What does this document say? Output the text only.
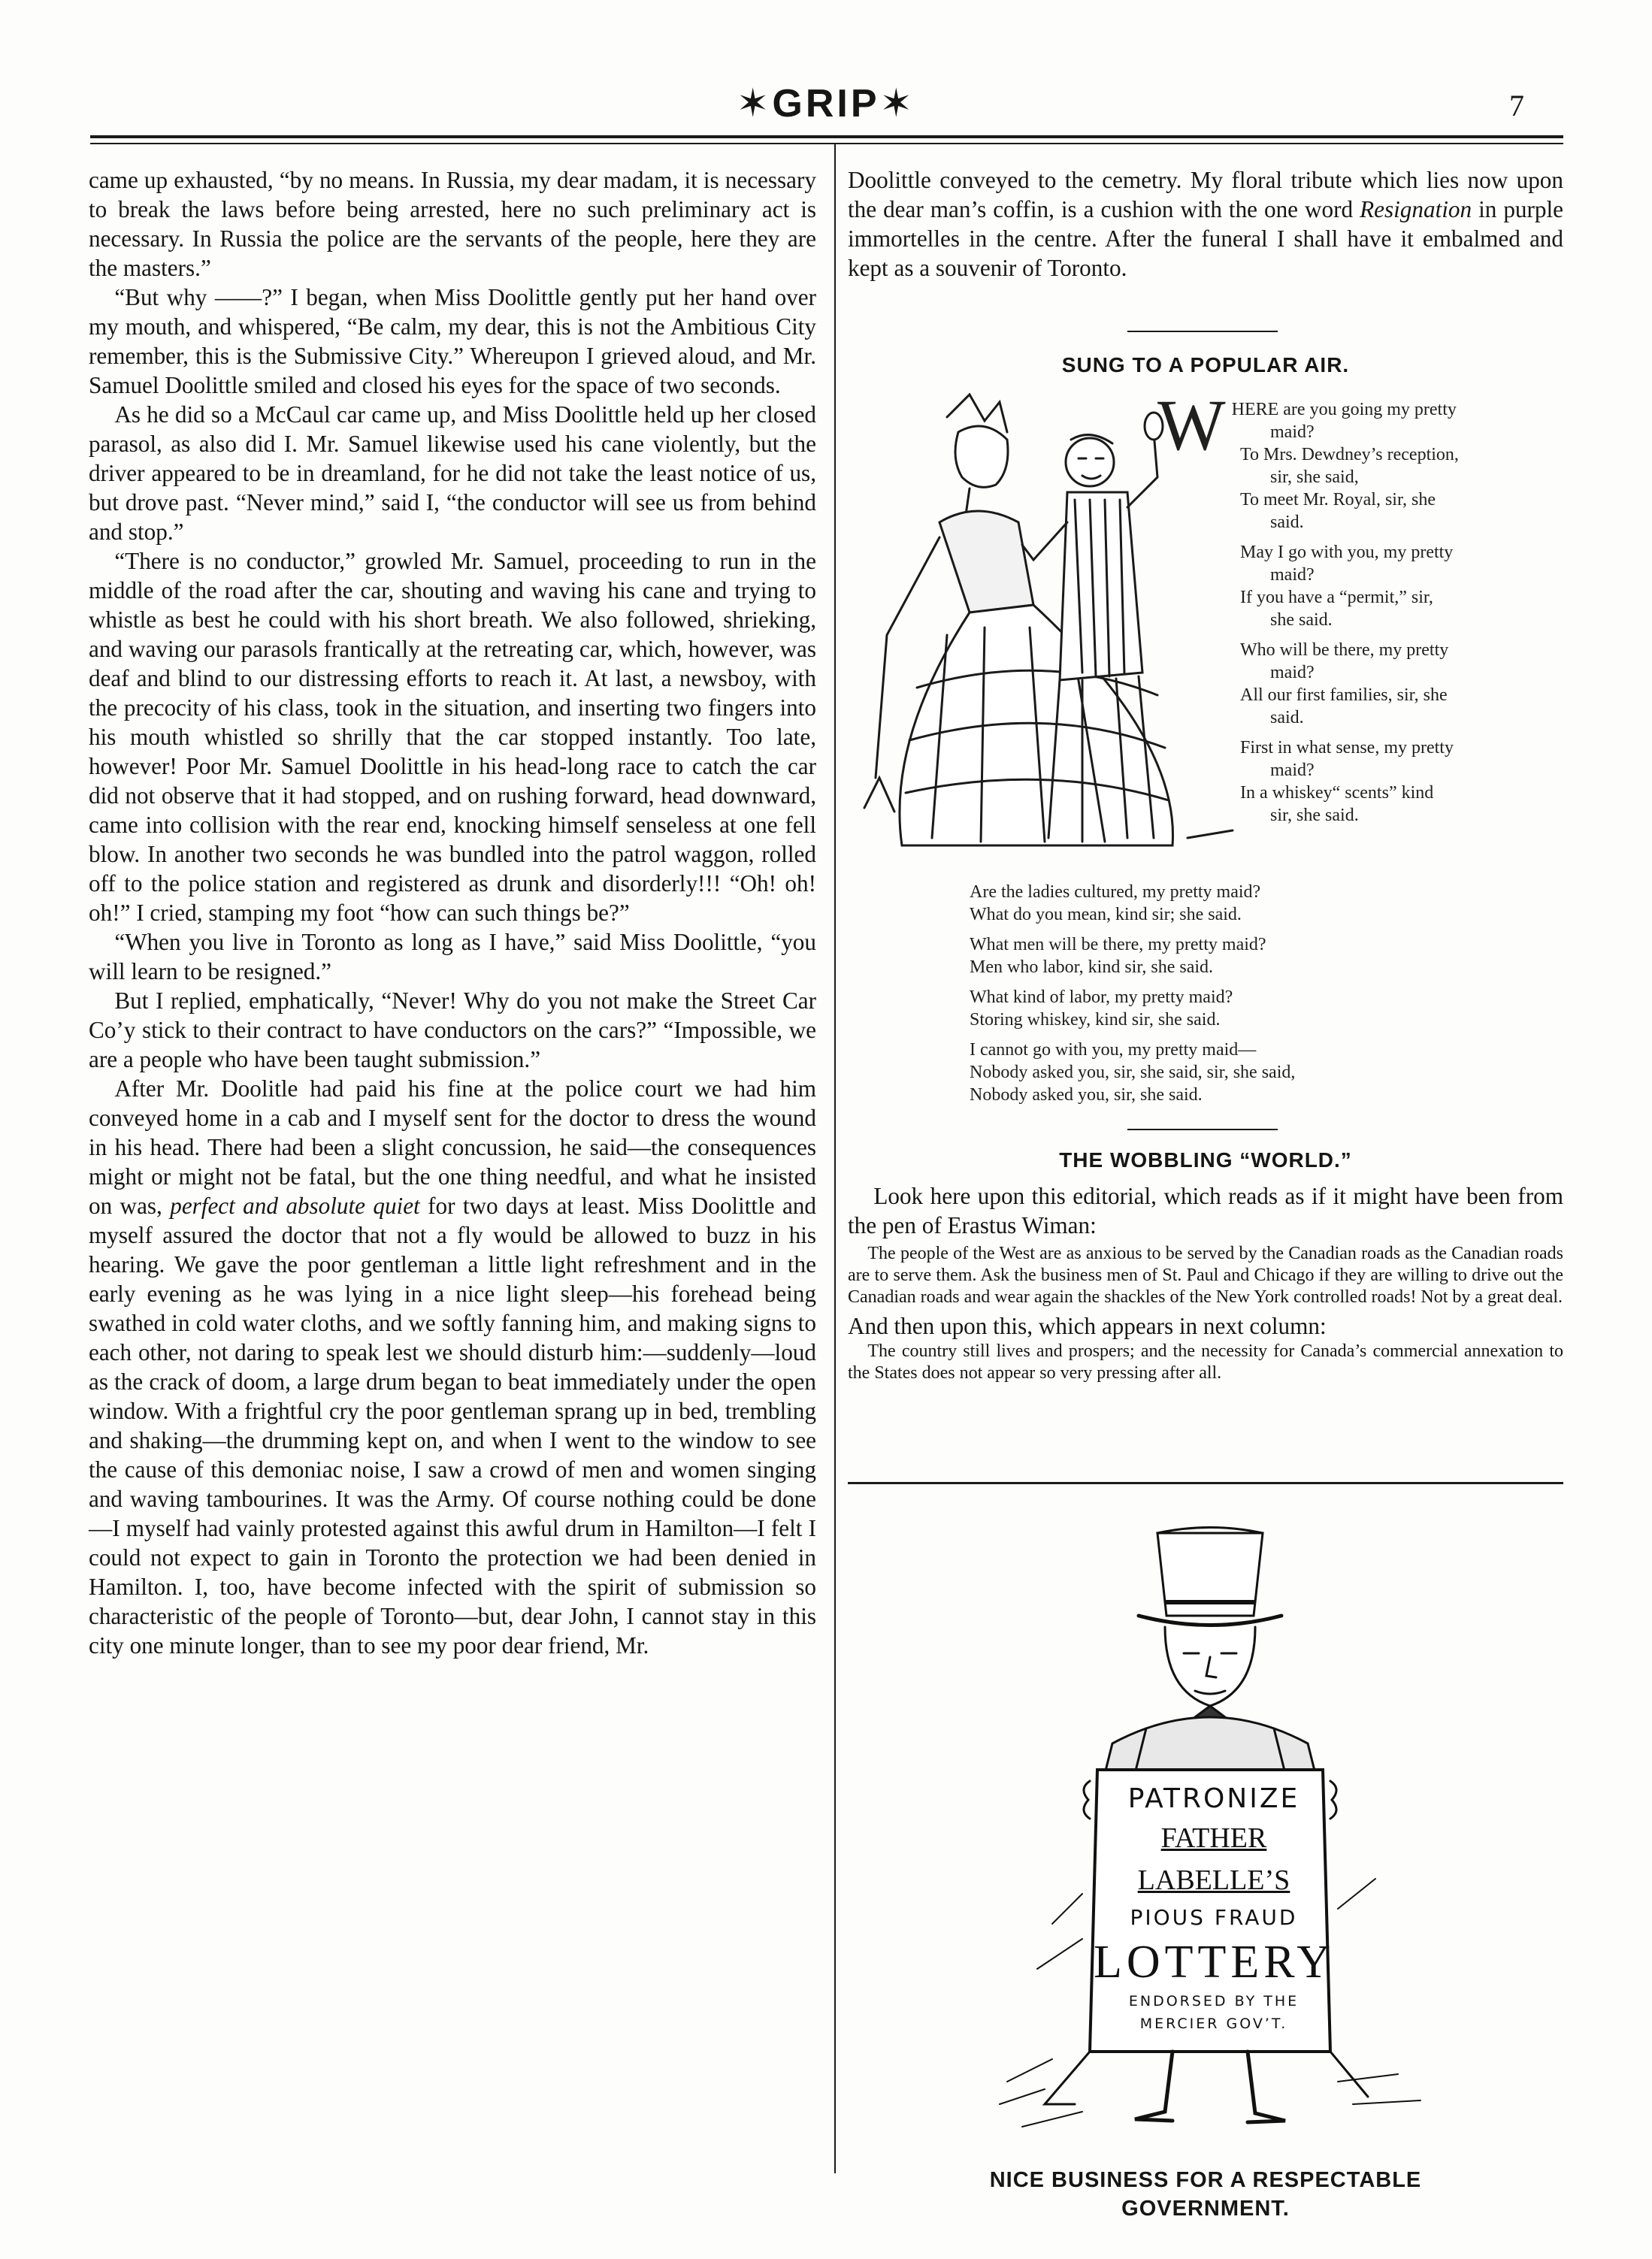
✶GRIP✶	7

came up exhausted, “by no means. In Russia, my dear madam, it is necessary to break the laws before being arrested, here no such preliminary act is necessary. In Russia the police are the servants of the people, here they are the masters.”

“But why ——?” I began, when Miss Doolittle gently put her hand over my mouth, and whispered, “Be calm, my dear, this is not the Ambitious City remember, this is the Submissive City.” Whereupon I grieved aloud, and Mr. Samuel Doolittle smiled and closed his eyes for the space of two seconds.

As he did so a McCaul car came up, and Miss Doolittle held up her closed parasol, as also did I. Mr. Samuel likewise used his cane violently, but the driver appeared to be in dreamland, for he did not take the least notice of us, but drove past. “Never mind,” said I, “the conductor will see us from behind and stop.”

“There is no conductor,” growled Mr. Samuel, proceeding to run in the middle of the road after the car, shouting and waving his cane and trying to whistle as best he could with his short breath. We also followed, shrieking, and waving our parasols frantically at the retreating car, which, however, was deaf and blind to our distressing efforts to reach it. At last, a newsboy, with the precocity of his class, took in the situation, and inserting two fingers into his mouth whistled so shrilly that the car stopped instantly. Too late, however! Poor Mr. Samuel Doolittle in his head-long race to catch the car did not observe that it had stopped, and on rushing forward, head downward, came into collision with the rear end, knocking himself senseless at one fell blow. In another two seconds he was bundled into the patrol waggon, rolled off to the police station and registered as drunk and disorderly!!! “Oh! oh! oh!” I cried, stamping my foot “how can such things be?”

“When you live in Toronto as long as I have,” said Miss Doolittle, “you will learn to be resigned.”

But I replied, emphatically, “Never! Why do you not make the Street Car Co’y stick to their contract to have conductors on the cars?” “Impossible, we are a people who have been taught submission.”

After Mr. Doolitle had paid his fine at the police court we had him conveyed home in a cab and I myself sent for the doctor to dress the wound in his head. There had been a slight concussion, he said—the consequences might or might not be fatal, but the one thing needful, and what he insisted on was, perfect and absolute quiet for two days at least. Miss Doolittle and myself assured the doctor that not a fly would be allowed to buzz in his hearing. We gave the poor gentleman a little light refreshment and in the early evening as he was lying in a nice light sleep—his forehead being swathed in cold water cloths, and we softly fanning him, and making signs to each other, not daring to speak lest we should disturb him:—suddenly—loud as the crack of doom, a large drum began to beat immediately under the open window. With a frightful cry the poor gentleman sprang up in bed, trembling and shaking—the drumming kept on, and when I went to the window to see the cause of this demoniac noise, I saw a crowd of men and women singing and waving tambourines. It was the Army. Of course nothing could be done—I myself had vainly protested against this awful drum in Hamilton—I felt I could not expect to gain in Toronto the protection we had been denied in Hamilton. I, too, have become infected with the spirit of submission so characteristic of the people of Toronto—but, dear John, I cannot stay in this city one minute longer, than to see my poor dear friend, Mr.

Doolittle conveyed to the cemetry. My floral tribute which lies now upon the dear man’s coffin, is a cushion with the one word Resignation in purple immortelles in the centre. After the funeral I shall have it embalmed and kept as a souvenir of Toronto.

SUNG TO A POPULAR AIR.
W HERE are you going my pretty
maid?
To Mrs. Dewdney’s reception,
sir, she said,
To meet Mr. Royal, sir, she
said.
May I go with you, my pretty
maid?
If you have a “permit,” sir,
she said.
Who will be there, my pretty
maid?
All our first families, sir, she
said.
First in what sense, my pretty
maid?
In a whiskey“ scents” kind
sir, she said.
Are the ladies cultured, my pretty maid?
What do you mean, kind sir; she said.
What men will be there, my pretty maid?
Men who labor, kind sir, she said.
What kind of labor, my pretty maid?
Storing whiskey, kind sir, she said.
I cannot go with you, my pretty maid—
Nobody asked you, sir, she said, sir, she said,
Nobody asked you, sir, she said.
THE WOBBLING “WORLD.”

Look here upon this editorial, which reads as if it might have been from the pen of Erastus Wiman:

The people of the West are as anxious to be served by the Canadian roads as the Canadian roads are to serve them. Ask the business men of St. Paul and Chicago if they are willing to drive out the Canadian roads and wear again the shackles of the New York controlled roads! Not by a great deal.

And then upon this, which appears in next column:

The country still lives and prospers; and the necessity for Canada’s commercial annexation to the States does not appear so very pressing after all.

PATRONIZE
FATHER LABELLE’S
PIOUS FRAUD
LOTTERY
ENDORSED BY THE
MERCIER GOV’T.
NICE BUSINESS FOR A RESPECTABLE
GOVERNMENT.
